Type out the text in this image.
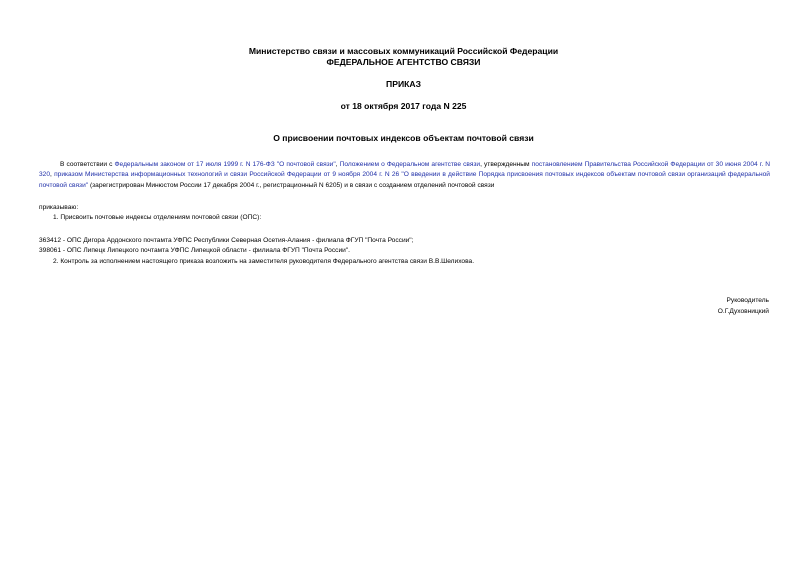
Министерство связи и массовых коммуникаций Российской Федерации
ФЕДЕРАЛЬНОЕ АГЕНТСТВО СВЯЗИ
ПРИКАЗ
от 18 октября 2017 года N 225
О присвоении почтовых индексов объектам почтовой связи
В соответствии с Федеральным законом от 17 июля 1999 г. N 176-ФЗ "О почтовой связи", Положением о Федеральном агентстве связи, утвержденным постановлением Правительства Российской Федерации от 30 июня 2004 г. N 320, приказом Министерства информационных технологий и связи Российской Федерации от 9 ноября 2004 г. N 26 "О введении в действие Порядка присвоения почтовых индексов объектам почтовой связи организаций федеральной почтовой связи" (зарегистрирован Минюстом России 17 декабря 2004 г., регистрационный N 6205) и в связи с созданием отделений почтовой связи
приказываю:
1. Присвоить почтовые индексы отделениям почтовой связи (ОПС):
363412 - ОПС Дигора Ардонского почтамта УФПС Республики Северная Осетия-Алания - филиала ФГУП "Почта России";
398061 - ОПС Липецк Липецкого почтамта УФПС Липецкой области - филиала ФГУП "Почта России".
2. Контроль за исполнением настоящего приказа возложить на заместителя руководителя Федерального агентства связи В.В.Шелихова.
Руководитель
О.Г.Духовницкий
